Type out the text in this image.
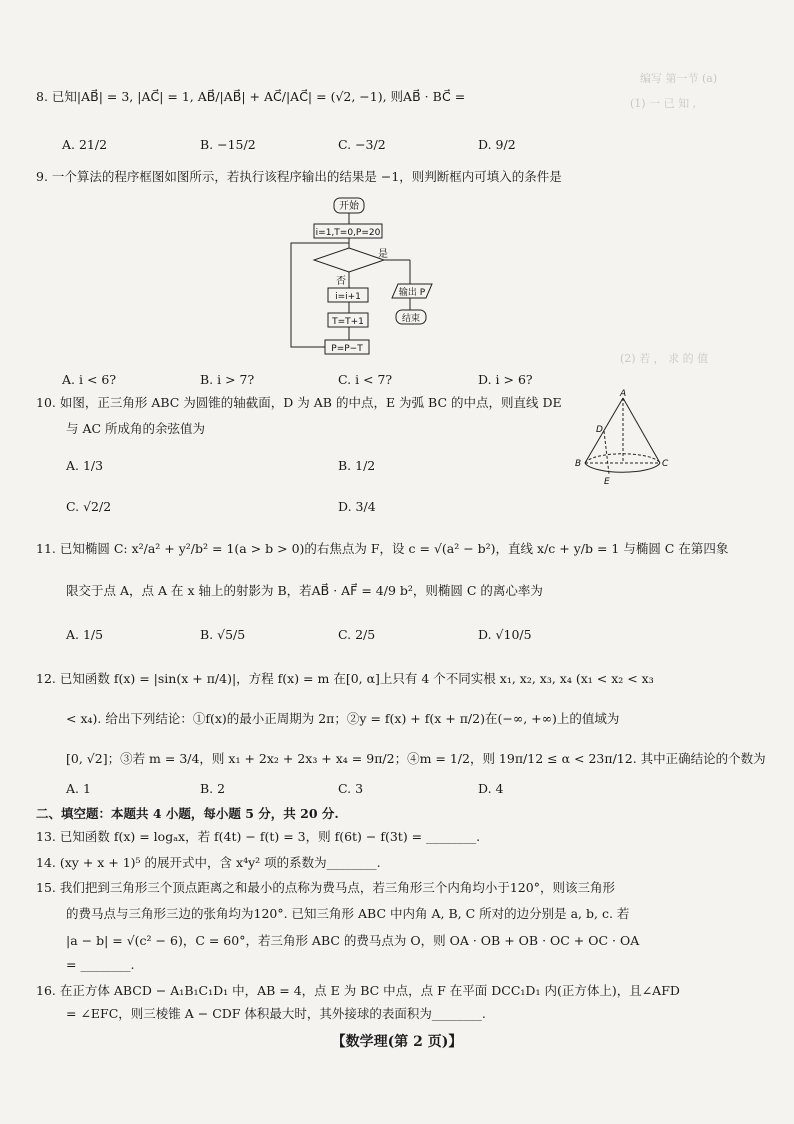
编写 第一节 (a)
(1) 一 已 知 ,
(2) 若 ， 求 的 值
8. 已知|AB⃗| = 3, |AC⃗| = 1, AB⃗/|AB⃗| + AC⃗/|AC⃗| = (√2, −1), 则AB⃗ · BC⃗ =
A. 21/2	B. −15/2	C. −3/2	D. 9/2
9. 一个算法的程序框图如图所示，若执行该程序输出的结果是 −1，则判断框内可填入的条件是
开始
i=1,T=0,P=20
是
否
i=i+1
T=T+1
P=P−T
输出 P
结束
A
D
B	C
E
A. i < 6?	B. i > 7?	C. i < 7?	D. i > 6?
10. 如图，正三角形 ABC 为圆锥的轴截面，D 为 AB 的中点，E 为弧 BC 的中点，则直线 DE
与 AC 所成角的余弦值为
A. 1/3	B. 1/2
C. √2/2	D. 3/4
11. 已知椭圆 C: x²/a² + y²/b² = 1(a > b > 0)的右焦点为 F，设 c = √(a² − b²)，直线 x/c + y/b = 1 与椭圆 C 在第四象
限交于点 A，点 A 在 x 轴上的射影为 B，若AB⃗ · AF⃗ = 4/9 b²，则椭圆 C 的离心率为
A. 1/5	B. √5/5	C. 2/5	D. √10/5
12. 已知函数 f(x) = |sin(x + π/4)|，方程 f(x) = m 在[0, α]上只有 4 个不同实根 x₁, x₂, x₃, x₄ (x₁ < x₂ < x₃
< x₄). 给出下列结论：①f(x)的最小正周期为 2π；②y = f(x) + f(x + π/2)在(−∞, +∞)上的值域为
[0, √2]；③若 m = 3/4，则 x₁ + 2x₂ + 2x₃ + x₄ = 9π/2；④m = 1/2，则 19π/12 ≤ α < 23π/12. 其中正确结论的个数为
A. 1	B. 2	C. 3	D. 4
二、填空题：本题共 4 小题，每小题 5 分，共 20 分.
13. 已知函数 f(x) = logₐx，若 f(4t) − f(t) = 3，则 f(6t) − f(3t) = ________.
14. (xy + x + 1)⁵ 的展开式中，含 x⁴y² 项的系数为________.
15. 我们把到三角形三个顶点距离之和最小的点称为费马点，若三角形三个内角均小于120°，则该三角形
的费马点与三角形三边的张角均为120°. 已知三角形 ABC 中内角 A, B, C 所对的边分别是 a, b, c. 若
|a − b| = √(c² − 6)，C = 60°，若三角形 ABC 的费马点为 O，则 OA · OB + OB · OC + OC · OA
= ________.
16. 在正方体 ABCD − A₁B₁C₁D₁ 中，AB = 4，点 E 为 BC 中点，点 F 在平面 DCC₁D₁ 内(正方体上)，且∠AFD
= ∠EFC，则三棱锥 A − CDF 体积最大时，其外接球的表面积为________.
【数学理(第 2 页)】
